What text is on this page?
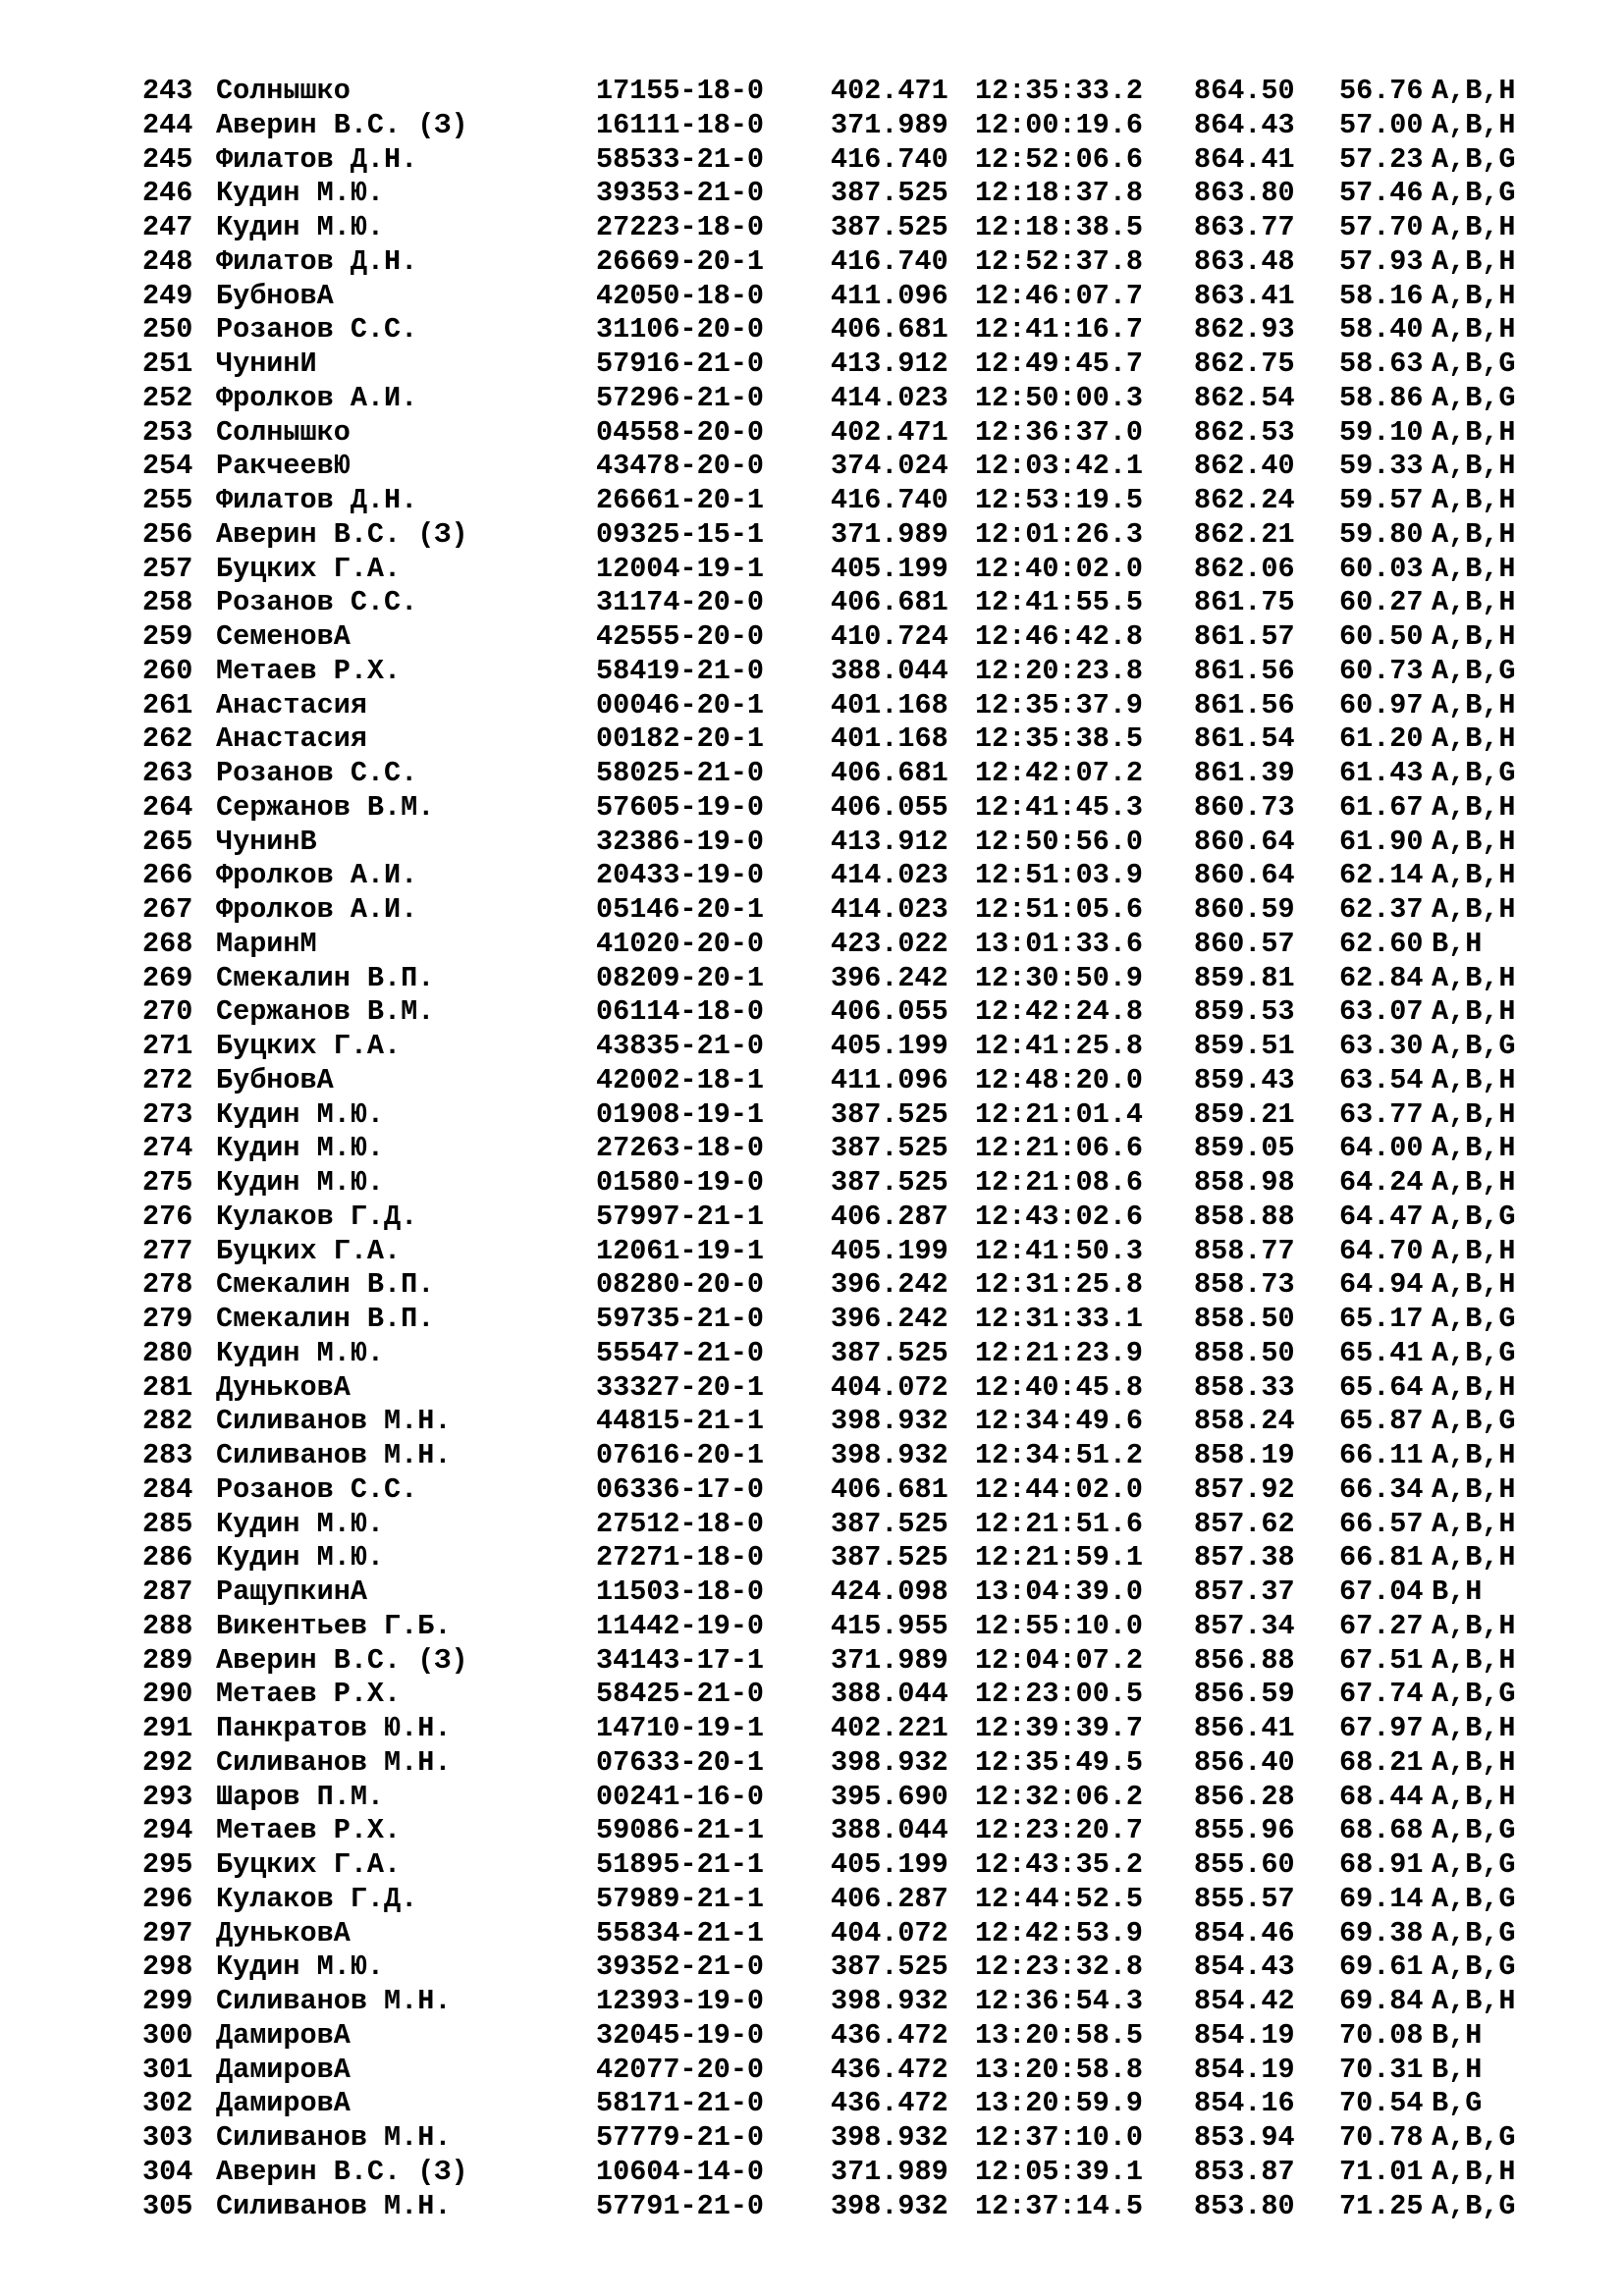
243 Солнышко	17155-18-0 402.471 12:35:33.2 864.50 56.76 A,B,H
244 Аверин В.С. (З)	16111-18-0 371.989 12:00:19.6 864.43 57.00 A,B,H
245 Филатов Д.Н.	58533-21-0 416.740 12:52:06.6 864.41 57.23 A,B,G
246 Кудин М.Ю.	39353-21-0 387.525 12:18:37.8 863.80 57.46 A,B,G
247 Кудин М.Ю.	27223-18-0 387.525 12:18:38.5 863.77 57.70 A,B,H
248 Филатов Д.Н.	26669-20-1 416.740 12:52:37.8 863.48 57.93 A,B,H
249 БубновА	42050-18-0 411.096 12:46:07.7 863.41 58.16 A,B,H
250 Розанов С.С.	31106-20-0 406.681 12:41:16.7 862.93 58.40 A,B,H
251 ЧунинИ	57916-21-0 413.912 12:49:45.7 862.75 58.63 A,B,G
252 Фролков А.И.	57296-21-0 414.023 12:50:00.3 862.54 58.86 A,B,G
253 Солнышко	04558-20-0 402.471 12:36:37.0 862.53 59.10 A,B,H
254 РакчеевЮ	43478-20-0 374.024 12:03:42.1 862.40 59.33 A,B,H
255 Филатов Д.Н.	26661-20-1 416.740 12:53:19.5 862.24 59.57 A,B,H
256 Аверин В.С. (З)	09325-15-1 371.989 12:01:26.3 862.21 59.80 A,B,H
257 Буцких Г.А.	12004-19-1 405.199 12:40:02.0 862.06 60.03 A,B,H
258 Розанов С.С.	31174-20-0 406.681 12:41:55.5 861.75 60.27 A,B,H
259 СеменовА	42555-20-0 410.724 12:46:42.8 861.57 60.50 A,B,H
260 Метаев Р.Х.	58419-21-0 388.044 12:20:23.8 861.56 60.73 A,B,G
261 Анастасия	00046-20-1 401.168 12:35:37.9 861.56 60.97 A,B,H
262 Анастасия	00182-20-1 401.168 12:35:38.5 861.54 61.20 A,B,H
263 Розанов С.С.	58025-21-0 406.681 12:42:07.2 861.39 61.43 A,B,G
264 Сержанов В.М.	57605-19-0 406.055 12:41:45.3 860.73 61.67 A,B,H
265 ЧунинВ	32386-19-0 413.912 12:50:56.0 860.64 61.90 A,B,H
266 Фролков А.И.	20433-19-0 414.023 12:51:03.9 860.64 62.14 A,B,H
267 Фролков А.И.	05146-20-1 414.023 12:51:05.6 860.59 62.37 A,B,H
268 МаринМ	41020-20-0 423.022 13:01:33.6 860.57 62.60 B,H
269 Смекалин В.П.	08209-20-1 396.242 12:30:50.9 859.81 62.84 A,B,H
270 Сержанов В.М.	06114-18-0 406.055 12:42:24.8 859.53 63.07 A,B,H
271 Буцких Г.А.	43835-21-0 405.199 12:41:25.8 859.51 63.30 A,B,G
272 БубновА	42002-18-1 411.096 12:48:20.0 859.43 63.54 A,B,H
273 Кудин М.Ю.	01908-19-1 387.525 12:21:01.4 859.21 63.77 A,B,H
274 Кудин М.Ю.	27263-18-0 387.525 12:21:06.6 859.05 64.00 A,B,H
275 Кудин М.Ю.	01580-19-0 387.525 12:21:08.6 858.98 64.24 A,B,H
276 Кулаков Г.Д.	57997-21-1 406.287 12:43:02.6 858.88 64.47 A,B,G
277 Буцких Г.А.	12061-19-1 405.199 12:41:50.3 858.77 64.70 A,B,H
278 Смекалин В.П.	08280-20-0 396.242 12:31:25.8 858.73 64.94 A,B,H
279 Смекалин В.П.	59735-21-0 396.242 12:31:33.1 858.50 65.17 A,B,G
280 Кудин М.Ю.	55547-21-0 387.525 12:21:23.9 858.50 65.41 A,B,G
281 ДуньковА	33327-20-1 404.072 12:40:45.8 858.33 65.64 A,B,H
282 Силиванов М.Н.	44815-21-1 398.932 12:34:49.6 858.24 65.87 A,B,G
283 Силиванов М.Н.	07616-20-1 398.932 12:34:51.2 858.19 66.11 A,B,H
284 Розанов С.С.	06336-17-0 406.681 12:44:02.0 857.92 66.34 A,B,H
285 Кудин М.Ю.	27512-18-0 387.525 12:21:51.6 857.62 66.57 A,B,H
286 Кудин М.Ю.	27271-18-0 387.525 12:21:59.1 857.38 66.81 A,B,H
287 РащупкинА	11503-18-0 424.098 13:04:39.0 857.37 67.04 B,H
288 Викентьев Г.Б.	11442-19-0 415.955 12:55:10.0 857.34 67.27 A,B,H
289 Аверин В.С. (З)	34143-17-1 371.989 12:04:07.2 856.88 67.51 A,B,H
290 Метаев Р.Х.	58425-21-0 388.044 12:23:00.5 856.59 67.74 A,B,G
291 Панкратов Ю.Н.	14710-19-1 402.221 12:39:39.7 856.41 67.97 A,B,H
292 Силиванов М.Н.	07633-20-1 398.932 12:35:49.5 856.40 68.21 A,B,H
293 Шаров П.М.	00241-16-0 395.690 12:32:06.2 856.28 68.44 A,B,H
294 Метаев Р.Х.	59086-21-1 388.044 12:23:20.7 855.96 68.68 A,B,G
295 Буцких Г.А.	51895-21-1 405.199 12:43:35.2 855.60 68.91 A,B,G
296 Кулаков Г.Д.	57989-21-1 406.287 12:44:52.5 855.57 69.14 A,B,G
297 ДуньковА	55834-21-1 404.072 12:42:53.9 854.46 69.38 A,B,G
298 Кудин М.Ю.	39352-21-0 387.525 12:23:32.8 854.43 69.61 A,B,G
299 Силиванов М.Н.	12393-19-0 398.932 12:36:54.3 854.42 69.84 A,B,H
300 ДамировА	32045-19-0 436.472 13:20:58.5 854.19 70.08 B,H
301 ДамировА	42077-20-0 436.472 13:20:58.8 854.19 70.31 B,H
302 ДамировА	58171-21-0 436.472 13:20:59.9 854.16 70.54 B,G
303 Силиванов М.Н.	57779-21-0 398.932 12:37:10.0 853.94 70.78 A,B,G
304 Аверин В.С. (З)	10604-14-0 371.989 12:05:39.1 853.87 71.01 A,B,H
305 Силиванов М.Н.	57791-21-0 398.932 12:37:14.5 853.80 71.25 A,B,G
